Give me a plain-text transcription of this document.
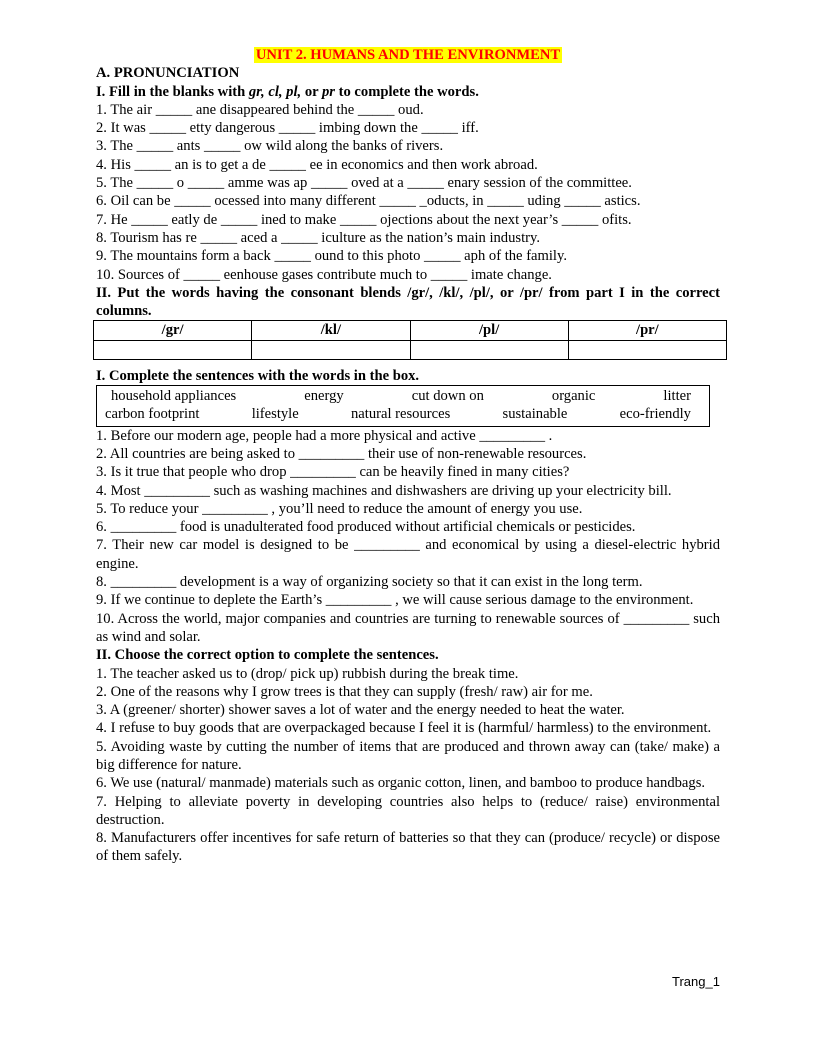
UNIT 2. HUMANS AND THE ENVIRONMENT
A. PRONUNCIATION
I. Fill in the blanks with gr, cl, pl, or pr to complete the words.
1. The air _____ ane disappeared behind the _____ oud.
2. It was _____ etty dangerous _____ imbing down the _____ iff.
3. The _____ ants _____ ow wild along the banks of rivers.
4. His _____ an is to get a de _____ ee in economics and then work abroad.
5. The _____ o _____ amme was ap _____ oved at a _____ enary session of the committee.
6. Oil can be _____ ocessed into many different _____ _oducts, in _____ uding _____ astics.
7. He _____ eatly de _____ ined to make _____ ojections about the next year’s _____ ofits.
8. Tourism has re _____ aced a _____ iculture as the nation’s main industry.
9. The mountains form a back _____ ound to this photo _____ aph of the family.
10. Sources of _____ eenhouse gases contribute much to _____ imate change.
II. Put the words having the consonant blends /gr/, /kl/, /pl/, or /pr/ from part I in the correct columns.
/gr/	/kl/	/pl/	/pr/

I. Complete the sentences with the words in the box.
household appliances	energy	cut down on	organic	litter
carbon footprint	lifestyle	natural resources	sustainable	eco-friendly
1. Before our modern age, people had a more physical and active _________ .
2. All countries are being asked to _________ their use of non-renewable resources.
3. Is it true that people who drop _________ can be heavily fined in many cities?
4. Most _________ such as washing machines and dishwashers are driving up your electricity bill.
5. To reduce your _________ , you’ll need to reduce the amount of energy you use.
6. _________ food is unadulterated food produced without artificial chemicals or pesticides.
7. Their new car model is designed to be _________ and economical by using a diesel-electric hybrid engine.
8. _________ development is a way of organizing society so that it can exist in the long term.
9. If we continue to deplete the Earth’s _________ , we will cause serious damage to the environment.
10. Across the world, major companies and countries are turning to renewable sources of _________ such as wind and solar.
II. Choose the correct option to complete the sentences.
1. The teacher asked us to (drop/ pick up) rubbish during the break time.
2. One of the reasons why I grow trees is that they can supply (fresh/ raw) air for me.
3. A (greener/ shorter) shower saves a lot of water and the energy needed to heat the water.
4. I refuse to buy goods that are overpackaged because I feel it is (harmful/ harmless) to the environment.
5. Avoiding waste by cutting the number of items that are produced and thrown away can (take/ make) a big difference for nature.
6. We use (natural/ manmade) materials such as organic cotton, linen, and bamboo to produce handbags.
7. Helping to alleviate poverty in developing countries also helps to (reduce/ raise) environmental destruction.
8. Manufacturers offer incentives for safe return of batteries so that they can (produce/ recycle) or dispose of them safely.
Trang_1
